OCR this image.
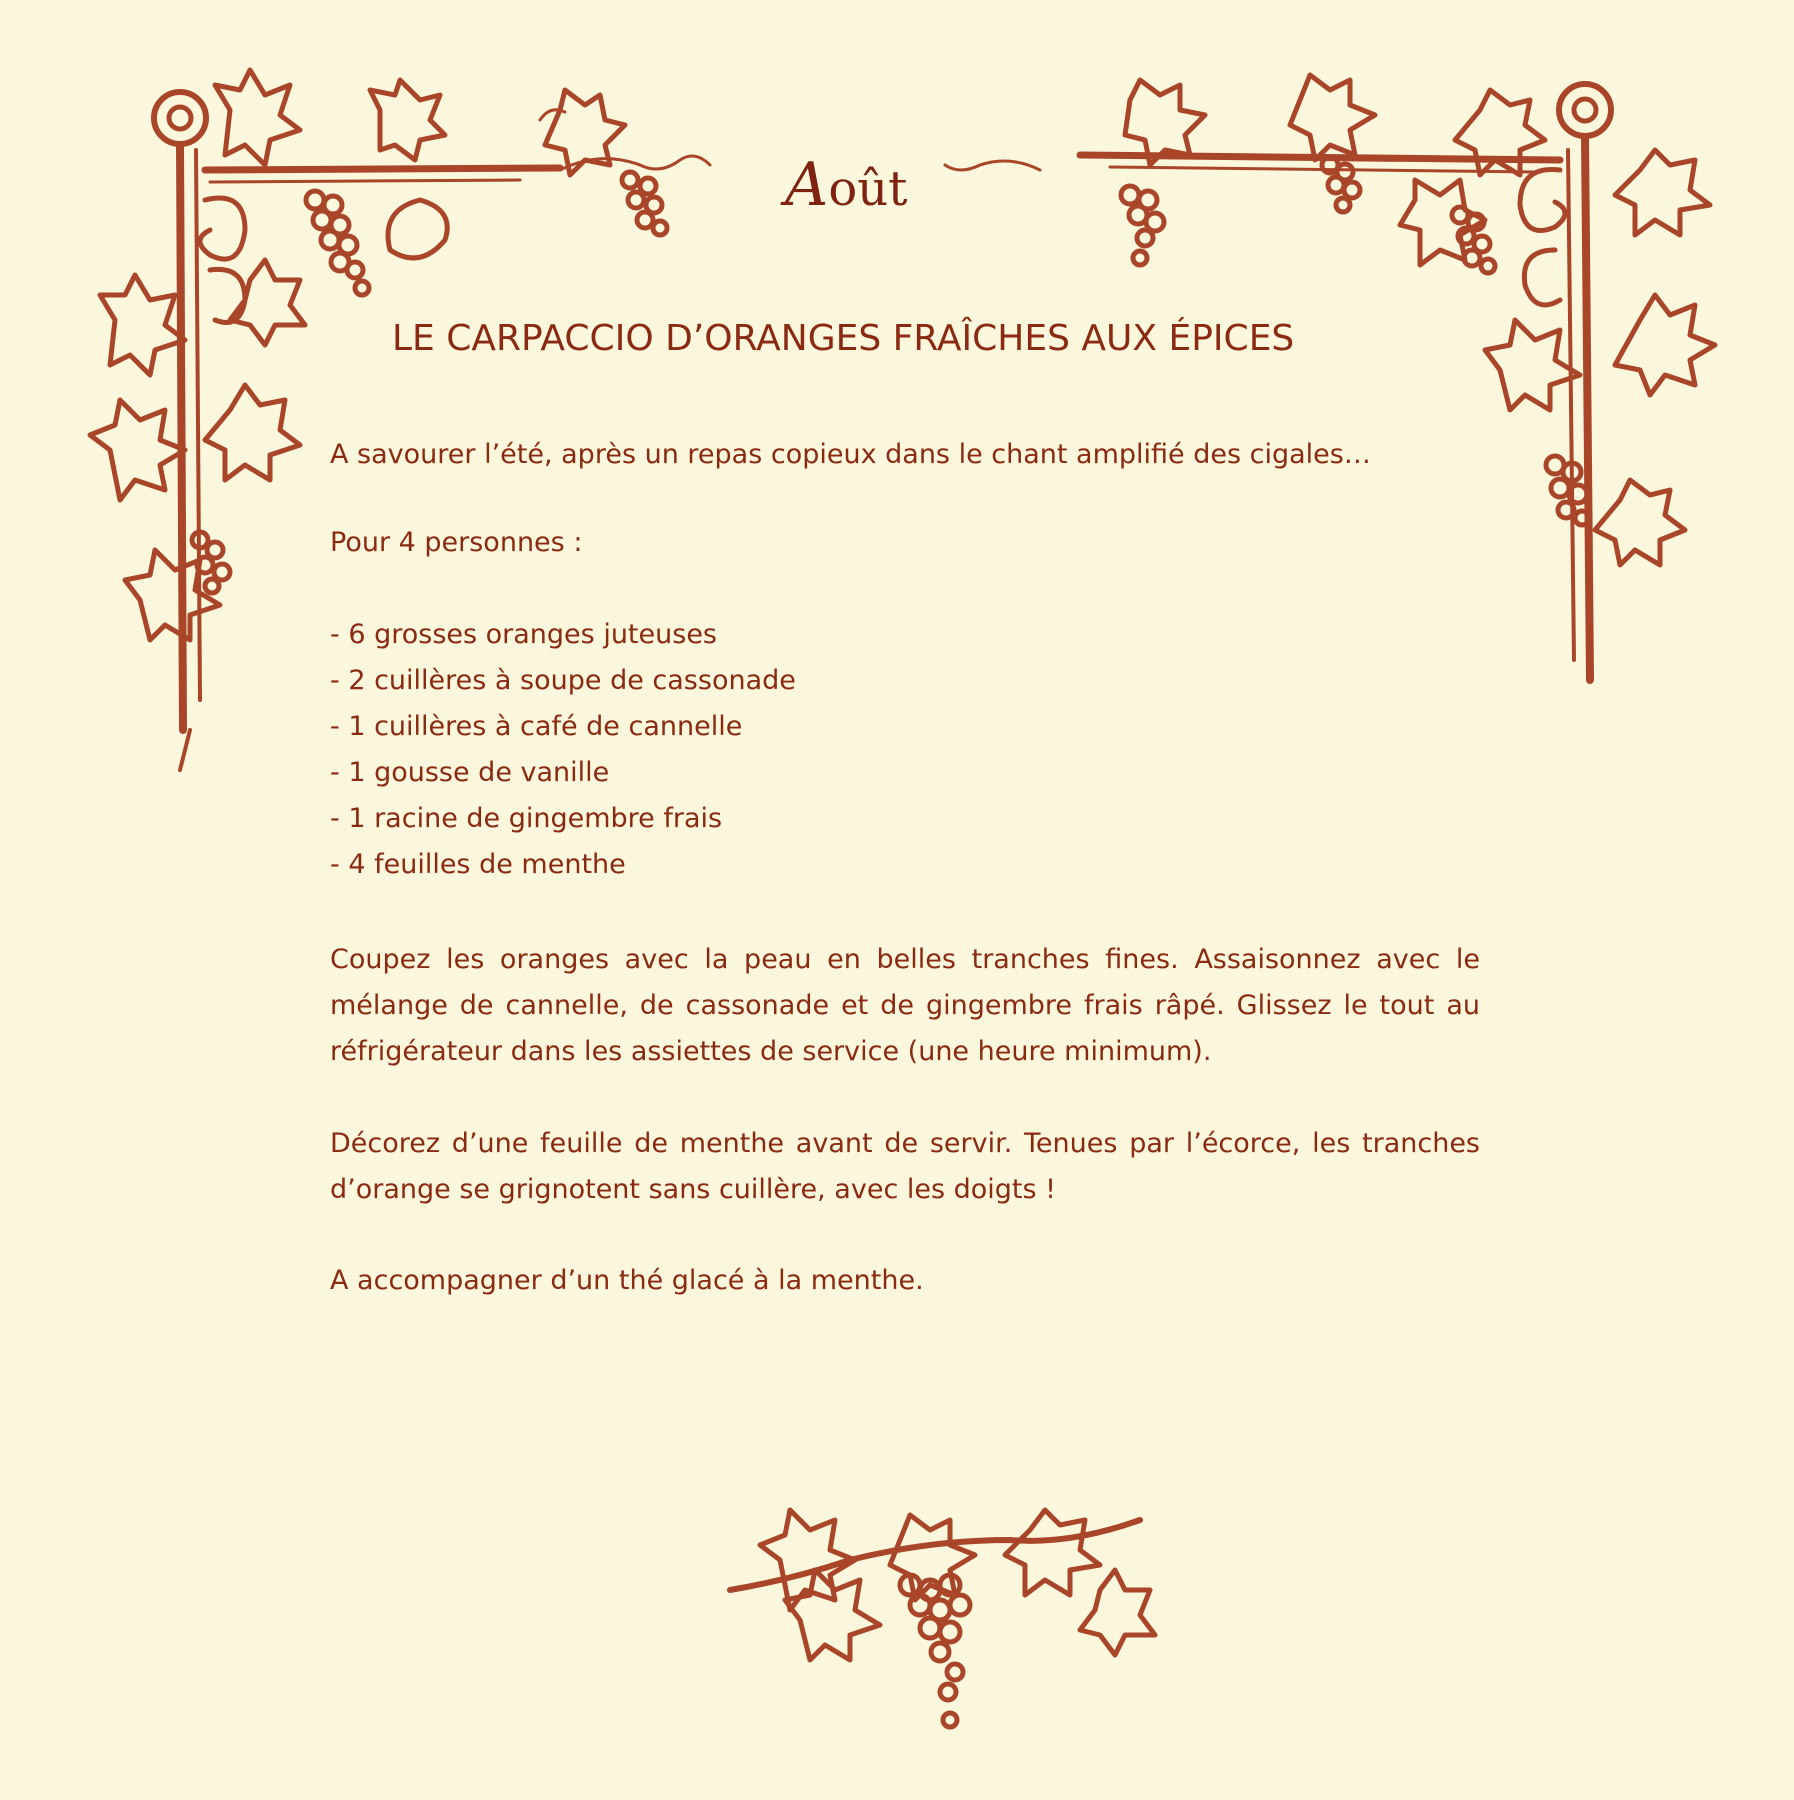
Août
LE CARPACCIO D’ORANGES FRAÎCHES AUX ÉPICES

A savourer l’été, après un repas copieux dans le chant amplifié des cigales…

Pour 4 personnes :

- 6 grosses oranges juteuses
- 2 cuillères à soupe de cassonade
- 1 cuillères à café de cannelle
- 1 gousse de vanille
- 1 racine de gingembre frais
- 4 feuilles de menthe

Coupez les oranges avec la peau en belles tranches fines. Assaisonnez avec le mélange de cannelle, de cassonade et de gingembre frais râpé. Glissez le tout au réfrigérateur dans les assiettes de service (une heure minimum).

Décorez d’une feuille de menthe avant de servir. Tenues par l’écorce, les tranches d’orange se grignotent sans cuillère, avec les doigts !

A accompagner d’un thé glacé à la menthe.
